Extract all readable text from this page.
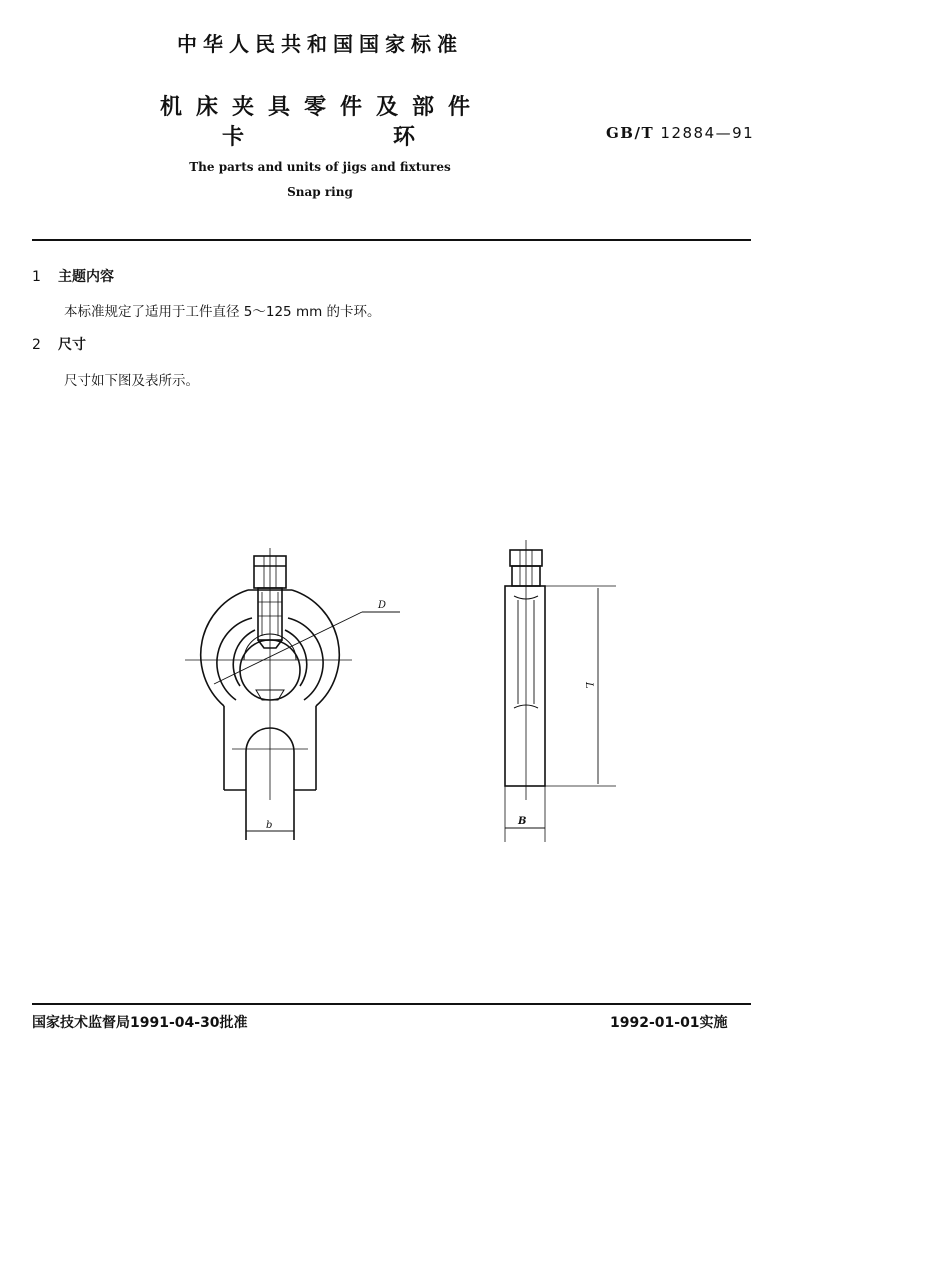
中华人民共和国国家标准
机床夹具零件及部件
卡	环	GB/T 12884—91
The parts and units of jigs and fixtures
Snap ring
1 主题内容
本标准规定了适用于工件直径 5～125 mm 的卡环。
2 尺寸
尺寸如下图及表所示。
D
b
L
B
国家技术监督局1991-04-30批准	1992-01-01实施
